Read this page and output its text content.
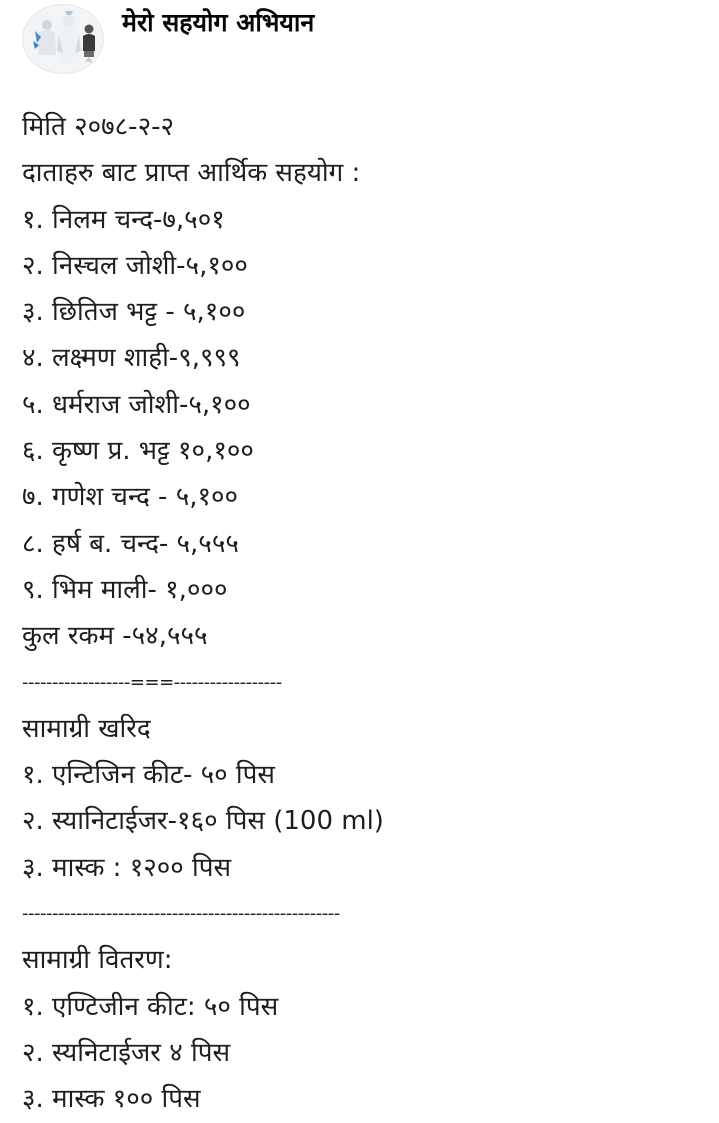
मेरो सहयोग अभियान
मिति २०७८-२-२
दाताहरु बाट प्राप्त आर्थिक सहयोग :
१. निलम चन्द-७,५०१
२. निस्चल जोशी-५,१००
३. छितिज भट्ट - ५,१००
४. लक्ष्मण शाही-९,९९९
५. धर्मराज जोशी-५,१००
६. कृष्ण प्र. भट्ट १०,१००
७. गणेश चन्द - ५,१००
८. हर्ष ब. चन्द- ५,५५५
९. भिम माली- १,०००
कुल रकम -५४,५५५
------------------===------------------
सामाग्री खरिद
१. एन्टिजिन कीट- ५० पिस
२. स्यानिटाईजर-१६० पिस (100 ml)
३. मास्क : १२०० पिस
-----------------------------------------------------
सामाग्री वितरण:
१. एण्टिजीन कीट: ५० पिस
२. स्यनिटाईजर ४ पिस
३. मास्क १०० पिस
